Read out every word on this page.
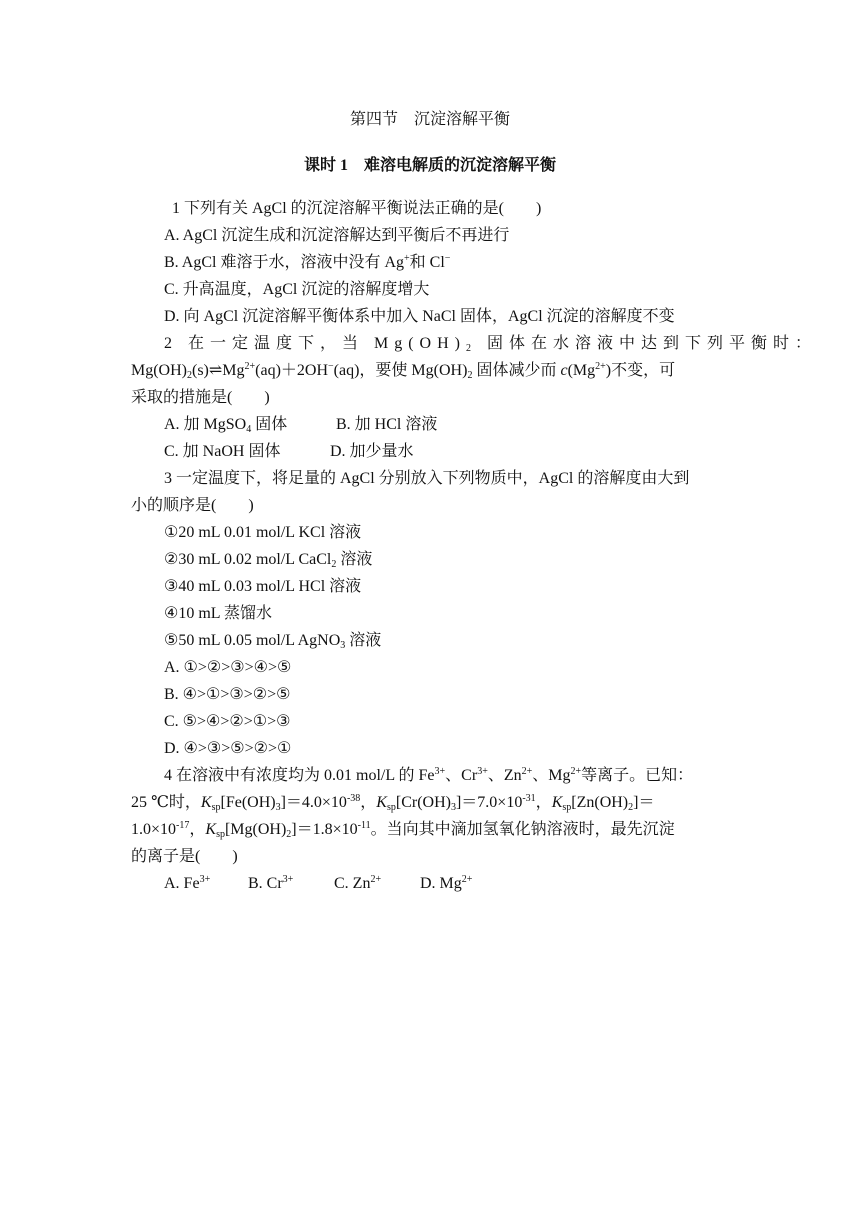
第四节　沉淀溶解平衡
课时 1　难溶电解质的沉淀溶解平衡
1 下列有关 AgCl 的沉淀溶解平衡说法正确的是(　　)
A. AgCl 沉淀生成和沉淀溶解达到平衡后不再进行
B. AgCl 难溶于水，溶液中没有 Ag+和 Cl−
C. 升高温度，AgCl 沉淀的溶解度增大
D. 向 AgCl 沉淀溶解平衡体系中加入 NaCl 固体，AgCl 沉淀的溶解度不变
2 在一定温度下，当 $Mg(OH)_2$ 固体在水溶液中达到下列平衡时：
$Mg(OH)_2(s)\rightleftharpoons Mg^{2+}(aq)+2OH^-(aq)$，要使 $Mg(OH)_2$ 固体减少而 $c(Mg^{2+})$不变，可
采取的措施是(　　)
A. 加 MgSO$_4$ 固体	B. 加 HCl 溶液
C. 加 NaOH 固体	D. 加少量水
3 一定温度下，将足量的 AgCl 分别放入下列物质中，AgCl 的溶解度由大到
小的顺序是(　　)
①20 mL 0.01 mol/L KCl 溶液
②30 mL 0.02 mol/L CaCl$_2$ 溶液
③40 mL 0.03 mol/L HCl 溶液
④10 mL 蒸馏水
⑤50 mL 0.05 mol/L AgNO$_3$ 溶液
A. ①>②>③>④>⑤
B. ④>①>③>②>⑤
C. ⑤>④>②>①>③
D. ④>③>⑤>②>①
4 在溶液中有浓度均为 0.01 mol/L 的 $Fe^{3+}$、$Cr^{3+}$、$Zn^{2+}$、$Mg^{2+}$等离子。已知：
25 ℃时，$K_{sp}[Fe(OH)_3]=4.0\times 10^{-38}$，$K_{sp}[Cr(OH)_3]=7.0\times 10^{-31}$，$K_{sp}[Zn(OH)_2]=$
$1.0\times 10^{-17}$，$K_{sp}[Mg(OH)_2]=1.8\times 10^{-11}$。当向其中滴加氢氧化钠溶液时，最先沉淀
的离子是(　　)
A. $Fe^{3+}$ B. $Cr^{3+}$	C. $Zn^{2+}$ D. $Mg^{2+}$
